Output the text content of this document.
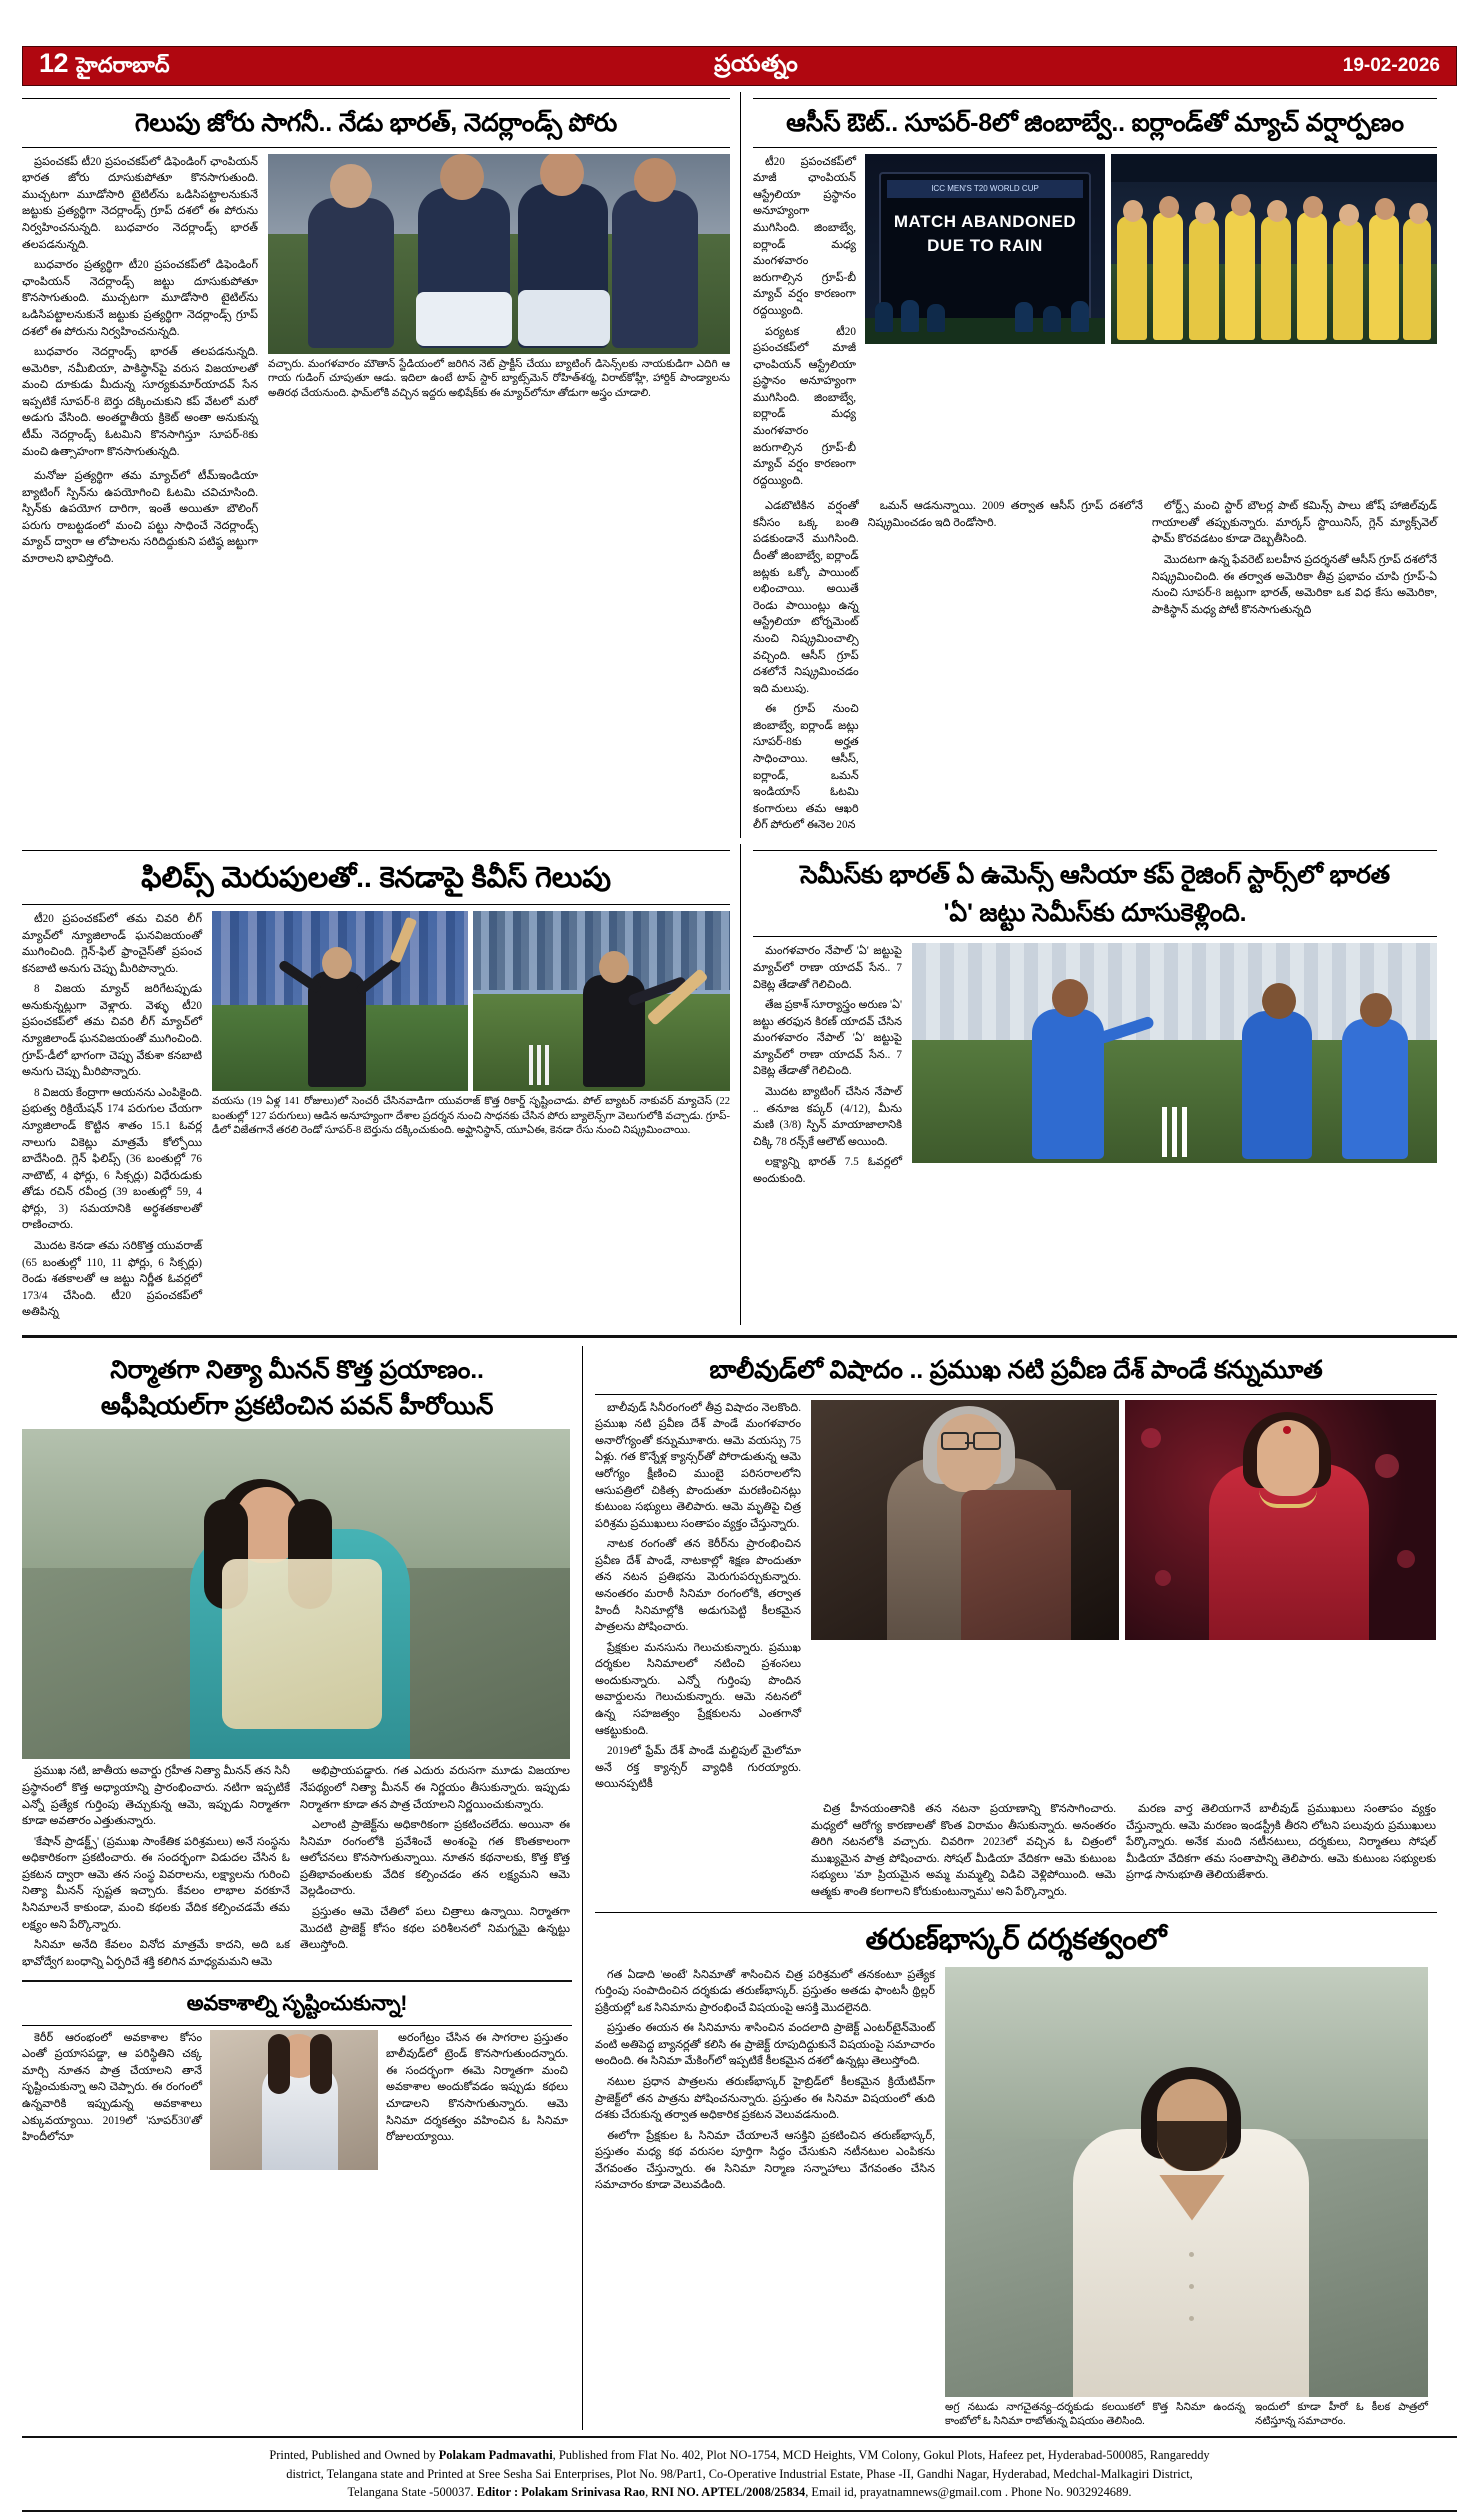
12 హైదరాబాద్	ప్రయత్నం	19-02-2026
గెలుపు జోరు సాగనీ.. నేడు భారత్, నెదర్లాండ్స్ పోరు

ప్రపంచకప్ టీ20 ప్రపంచకప్‌లో డిఫెండింగ్ ఛాంపియన్ భారత జోరు దూసుకుపోతూ కొనసాగుతుంది. ముచ్చటగా మూడోసారి టైటిల్‌ను ఒడిసిపట్టాలనుకునే జట్టుకు ప్రత్యర్థిగా నెదర్లాండ్స్ గ్రూప్ దశలో ఈ పోరును నిర్వహించనున్నది. బుధవారం నెదర్లాండ్స్ భారత్ తలపడనున్నది.

బుధవారం ప్రత్యర్థిగా టీ20 ప్రపంచకప్‌లో డిఫెండింగ్ ఛాంపియన్ నెదర్లాండ్స్ జట్టు దూసుకుపోతూ కొనసాగుతుంది. ముచ్చటగా మూడోసారి టైటిల్‌ను ఒడిసిపట్టాలనుకునే జట్టుకు ప్రత్యర్థిగా నెదర్లాండ్స్ గ్రూప్ దశలో ఈ పోరును నిర్వహించనున్నది.

బుధవారం నెదర్లాండ్స్ భారత్ తలపడనున్నది. అమెరికా, నమీబియా, పాకిస్థాన్‌పై వరుస విజయాలతో మంచి దూకుడు మీదున్న సూర్యకుమార్‌యాదవ్ సేన ఇప్పటికే సూపర్-8 బెర్తు దక్కించుకుని కప్ వేటలో మరో అడుగు వేసింది. అంతర్జాతీయ క్రికెట్ అంతా అనుకున్న టీమ్ నెదర్లాండ్స్ ఓటమిని కొనసాగిస్తూ సూపర్-8కు మంచి ఉత్సాహంగా కొనసాగుతున్నది.

వచ్చారు. మంగళవారం మౌతాన్ స్టేడియంలో జరిగిన నెట్ ప్రాక్టీస్ చేయు బ్యాటింగ్ డిసెన్స్‌లకు నాయకుడిగా ఎదిగి ఆ గాయ గుడింగ్ చూపుతూ ఆడు. ఇదిలా ఉంటే టాప్ స్టార్ బ్యాట్స్‌మెన్ రోహిత్‌శర్మ, విరాట్‌కోహ్లీ, హార్దిక్ పాండ్యాలను అతిరథ చేయనుంది. ఫామ్‌లోకి వచ్చిన ఇద్దరు అభిషేక్‌కు ఈ మ్యాచ్‌లోనూ తోడుగా అస్త్రం చూడాలి.

మనోజు ప్రత్యర్థిగా తమ మ్యాచ్‌లో టీమ్‌ఇండియా బ్యాటింగ్ స్పిన్‌ను ఉపయోగించి ఓటమి చవిచూసింది. స్పిన్‌కు ఉపయోగ దారిగా, ఇంతే అయితూ బౌలింగ్ పరుగు రాబట్టడంలో మంచి పట్టు సాధించే నెదర్లాండ్స్ మ్యాచ్ ద్వారా ఆ లోపాలను సరిదిద్దుకుని పటిష్ఠ జట్టుగా మారాలని భావిస్తోంది.

ఆసీస్ ఔట్.. సూపర్-8లో జింబాబ్వే.. ఐర్లాండ్‌తో మ్యాచ్ వర్షార్పణం

టీ20 ప్రపంచకప్‌లో మాజీ ఛాంపియన్ ఆస్ట్రేలియా ప్రస్థానం అనూహ్యంగా ముగిసింది. జింబాబ్వే, ఐర్లాండ్ మధ్య మంగళవారం జరుగాల్సిన గ్రూప్-బీ మ్యాచ్ వర్షం కారణంగా రద్దయ్యింది.

పర్యటక టీ20 ప్రపంచకప్‌లో మాజీ ఛాంపియన్ ఆస్ట్రేలియా ప్రస్థానం అనూహ్యంగా ముగిసింది. జింబాబ్వే, ఐర్లాండ్ మధ్య మంగళవారం జరుగాల్సిన గ్రూప్-బీ మ్యాచ్ వర్షం కారణంగా రద్దయ్యింది.

ICC MEN'S T20 WORLD CUP
MATCH ABANDONED
DUE TO RAIN

ఎడబొటికిన వర్షంతో కనీసం ఒక్క బంతి పడకుండానే ముగిసింది. దీంతో జింబాబ్వే, ఐర్లాండ్ జట్లకు ఒక్కో పాయింట్ లభించాయి. అయితే రెండు పాయింట్లు ఉన్న ఆస్ట్రేలియా టోర్నమెంట్ నుంచి నిష్క్రమించాల్సి వచ్చింది. ఆసీస్ గ్రూప్ దశలోనే నిష్క్రమించడం ఇది మలుపు.

ఈ గ్రూప్ నుంచి జింబాబ్వే, ఐర్లాండ్ జట్లు సూపర్-8కు అర్హత సాధించాయి. ఆసీస్, ఐర్లాండ్, ఒమన్ ఇండియాస్ ఓటమి కంగారులు తమ ఆఖరి లీగ్ పోరులో ఈనెల 20న

ఒమన్ ఆడనున్నాయి. 2009 తర్వాత ఆసీస్ గ్రూప్ దశలోనే నిష్క్రమించడం ఇది రెండోసారి.

లోర్డ్స్ మంచి స్టార్ బౌలర్ల పాట్ కమిన్స్ పాలు జోష్ హాజిల్‌వుడ్ గాయాలతో తప్పుకున్నారు. మార్కస్ స్టొయినిస్, గ్లెన్ మ్యాక్స్‌వెల్ ఫామ్ కొరవడటం కూడా దెబ్బతీసింది.

మొదటగా ఉన్న ఫేవరెట్ బలహీన ప్రదర్శనతో ఆసీస్ గ్రూప్ దశలోనే నిష్క్రమించింది. ఈ తర్వాత అమెరికా తీవ్ర ప్రభావం చూపి గ్రూప్‌-ఏ నుంచి సూపర్-8 జట్లుగా భారత్, అమెరికా ఒక విధ కేసు అమెరికా, పాకిస్థాన్ మధ్య పోటీ కొనసాగుతున్నది

ఫిలిప్స్ మెరుపులతో.. కెనడాపై కివీస్ గెలుపు

టీ20 ప్రపంచకప్‌లో తమ చివరి లీగ్ మ్యాచ్‌లో న్యూజిలాండ్ ఘనవిజయంతో ముగించింది. గ్లెన్-ఫిల్ ఫ్రాంచైస్‌తో ప్రపంచ కనబాటి అనుగు చెప్పు మీరిపొన్నారు.

8 విజయ మ్యాచ్ జరిగేటప్పుడు అనుకున్నట్లుగా వెళ్లారు. వెళ్ళు టీ20 ప్రపంచకప్‌లో తమ చివరి లీగ్ మ్యాచ్‌లో న్యూజిలాండ్ ఘనవిజయంతో ముగించింది. గ్రూప్-డీలో భాగంగా చెప్పు వేకుశా కనబాటి అనుగు చెప్పు మీరిపొన్నారు.

8 విజయ కేంద్రాగా ఆయనను ఎంపికైంది. ప్రభుత్వ రిక్రియేషన్ 174 పరుగుల చేయగా న్యూజిలాండ్ కొట్టిన శాతం 15.1 ఓవర్ల నాలుగు వికెట్లు మాత్రమే కోల్పోయి బాదేసింది. గ్లెన్ ఫిలిప్స్ (36 బంతుల్లో 76 నాటౌట్, 4 ఫోర్లు, 6 సిక్సర్లు) విధేరుడుకు తోడు రచిన్ రవీంద్ర (39 బంతుల్లో 59, 4 ఫోర్లు, 3) సమయానికి అర్థశతకాలతో రాణించారు.

మొదట కెనడా తమ సరికొత్త యువరాజ్ (65 బంతుల్లో 110, 11 ఫోర్లు, 6 సిక్సర్లు) రెండు శతకాలతో ఆ జట్టు నిర్ణీత ఓవర్లలో 173/4 చేసింది. టీ20 ప్రపంచకప్‌లో అతిపిన్న

వయసు (19 ఏళ్ల 141 రోజులు)లో సెంచరీ చేసినవాడిగా యువరాజ్ కొత్త రికార్డ్ సృష్టించాడు. పోల్ బ్యాటర్ నాకువర్ మ్యాచెస్ (22 బంతుల్లో 127 పరుగులు) ఆడిన అనూహ్యంగా దేశాల ప్రదర్శన నుంచి సాధనకు చేసిన పోరు బ్యాలెన్స్‌గా వెలుగులోకి వచ్చాడు. గ్రూప్-డీలో విజేతగానే తరలి రెండో సూపర్-8 బెర్తును దక్కించుకుంది. అఫ్ఘానిస్థాన్, యూఏఈ, కెనడా రేసు నుంచి నిష్క్రమించాయి.
సెమీస్‌కు భారత్ ఏ ఉమెన్స్ ఆసియా కప్ రైజింగ్ స్టార్స్‌లో భారత
'ఏ' జట్టు సెమీస్‌కు దూసుకెళ్లింది.

మంగళవారం నేపాల్ 'ఏ' జట్టుపై మ్యాచ్‌లో రాణా యాదవ్ సేన.. 7 వికెట్ల తేడాతో గెలిచింది.

తేజ ప్రకాశ్ సూర్యాస్త్రం అరుణ 'ఏ' జట్టు తరఫున కిరణ్ యాదవ్ చేసిన మంగళవారం నేపాల్ 'ఏ' జట్టుపై మ్యాచ్‌లో రాణా యాదవ్ సేన.. 7 వికెట్ల తేడాతో గెలిచింది.

మొదట బ్యాటింగ్ చేసిన నేపాల్ .. తనూజ కప్కర్ (4/12), మీను మణి (3/8) స్పిన్ మాయాజాలానికి చిక్కి 78 రన్స్‌కే ఆలౌట్ అయింది.

లక్ష్యాన్ని భారత్ 7.5 ఓవర్లలో అందుకుంది.

నిర్మాతగా నిత్యా మీనన్ కొత్త ప్రయాణం..
అఫీషియల్‌గా ప్రకటించిన పవన్ హీరోయిన్

ప్రముఖ నటి, జాతీయ అవార్డు గ్రహీత నిత్యా మీనన్ తన సినీ ప్రస్థానంలో కొత్త అధ్యాయాన్ని ప్రారంభించారు. నటిగా ఇప్పటికే ఎన్నో ప్రత్యేక గుర్తింపు తెచ్చుకున్న ఆమె, ఇప్పుడు నిర్మాతగా కూడా అవతారం ఎత్తుతున్నారు.

'కేషాన్ ప్రాడక్ట్స్' (ప్రముఖ సాంకేతిక పరిశ్రమలు) అనే సంస్థను అధికారికంగా ప్రకటించారు. ఈ సందర్భంగా విడుదల చేసిన ఓ ప్రకటన ద్వారా ఆమె తన సంస్థ వివరాలను, లక్ష్యాలను గురించి నిత్యా మీనన్ స్పష్టత ఇచ్చారు. కేవలం లాభాల వరకూనే సినిమాలనే కాకుండా, మంచి కథలకు వేదిక కల్పించడమే తమ లక్ష్యం అని పేర్కొన్నారు.

సినిమా అనేది కేవలం వినోద మాత్రమే కాదని, అది ఒక భావోద్వేగ బంధాన్ని ఏర్పరిచే శక్తి కలిగిన మాధ్యమమని ఆమె

అభిప్రాయపడ్డారు. గత ఎదురు వరుసగా మూడు విజయాల నేపథ్యంలో నిత్యా మీనన్ ఈ నిర్ణయం తీసుకున్నారు. ఇప్పుడు నిర్మాతగా కూడా తన పాత్ర చేయాలని నిర్ణయించుకున్నారు.

ఎలాంటి ప్రాజెక్ట్‌ను అధికారికంగా ప్రకటించలేదు. అయినా ఈ సినిమా రంగంలోకి ప్రవేశించే అంశంపై గత కొంతకాలంగా ఆలోచనలు కొనసాగుతున్నాయి. నూతన కథనాలకు, కొత్త కొత్త ప్రతిభావంతులకు వేదిక కల్పించడం తన లక్ష్యమని ఆమె వెల్లడించారు.

ప్రస్తుతం ఆమె చేతిలో పలు చిత్రాలు ఉన్నాయి. నిర్మాతగా మొదటి ప్రాజెక్ట్ కోసం కథల పరిశీలనలో నిమగ్నమై ఉన్నట్టు తెలుస్తోంది.

అవకాశాల్ని సృష్టించుకున్నా!

కెరీర్ ఆరంభంలో అవకాశాల కోసం ఎంతో ప్రయాసపడ్డా, ఆ పరిస్థితిని చక్క మార్చి నూతన పాత్ర చేయాలని తానే సృష్టించుకున్నా అని చెప్పారు. ఈ రంగంలో ఉన్నవారికి ఇప్పుడున్న అవకాశాలు ఎక్కువయ్యాయి. 2019లో 'సూపర్30'తో హిందీలోనూ

అరంగేట్రం చేసిన ఈ సాగరాల ప్రస్తుతం బాలీవుడ్‌లో ట్రెండ్ కొనసాగుతుందన్నారు. ఈ సందర్భంగా ఈమె నిర్మాతగా మంచి అవకాశాల అందుకోవడం ఇప్పుడు కథలు చూడాలని కొనసాగుతున్నారు. ఆమె సినిమా దర్శకత్వం వహించిన ఓ సినిమా రోజులయ్యాయి.

బాలీవుడ్‌లో విషాదం .. ప్రముఖ నటి ప్రవీణ దేశ్ పాండే కన్నుమూత

బాలీవుడ్ సినీరంగంలో తీవ్ర విషాదం నెలకొంది. ప్రముఖ నటి ప్రవీణ దేశ్ పాండే మంగళవారం అనారోగ్యంతో కన్నుమూశారు. ఆమె వయస్సు 75 ఏళ్లు. గత కొన్నేళ్ల క్యాన్సర్‌తో పోరాడుతున్న ఆమె ఆరోగ్యం క్షీణించి ముంబై పరిసరాలలోని ఆసుపత్రిలో చికిత్స పొందుతూ మరణించినట్లు కుటుంబ సభ్యులు తెలిపారు. ఆమె మృతిపై చిత్ర పరిశ్రమ ప్రముఖులు సంతాపం వ్యక్తం చేస్తున్నారు.

నాటక రంగంతో తన కెరీర్‌ను ప్రారంభించిన ప్రవీణ దేశ్ పాండే, నాటకాల్లో శిక్షణ పొందుతూ తన నటన ప్రతిభను మెరుగుపర్చుకున్నారు. అనంతరం మరాఠీ సినిమా రంగంలోకి, తర్వాత హిందీ సినిమాల్లోకి అడుగుపెట్టి కీలకమైన పాత్రలను పోషించారు.

ప్రేక్షకుల మనసును గెలుచుకున్నారు. ప్రముఖ దర్శకుల సినిమాలలో నటించి ప్రశంసలు అందుకున్నారు. ఎన్నో గుర్తింపు పొందిన అవార్డులను గెలుచుకున్నారు. ఆమె నటనలో ఉన్న సహజత్వం ప్రేక్షకులను ఎంతగానో ఆకట్టుకుంది.

2019లో ఫ్రేమ్ దేశ్ పాండే మల్టిపుల్ మైలోమా అనే రక్త క్యాన్సర్ వ్యాధికి గురయ్యారు. అయినప్పటికీ

చిత్ర హీనయంతానికి తన నటనా ప్రయాణాన్ని కొనసాగించారు. మధ్యలో ఆరోగ్య కారణాలతో కొంత విరామం తీసుకున్నారు. అనంతరం తిరిగి నటనలోకి వచ్చారు. చివరిగా 2023లో వచ్చిన ఓ చిత్రంలో ముఖ్యమైన పాత్ర పోషించారు. సోషల్ మీడియా వేదికగా ఆమె కుటుంబ సభ్యులు 'మా ప్రియమైన అమ్మ మమ్మల్ని విడిచి వెళ్లిపోయింది. ఆమె ఆత్మకు శాంతి కలగాలని కోరుకుంటున్నాము' అని పేర్కొన్నారు.

మరణ వార్త తెలియగానే బాలీవుడ్ ప్రముఖులు సంతాపం వ్యక్తం చేస్తున్నారు. ఆమె మరణం ఇండస్ట్రీకి తీరని లోటని పలువురు ప్రముఖులు పేర్కొన్నారు. అనేక మంది నటీనటులు, దర్శకులు, నిర్మాతలు సోషల్ మీడియా వేదికగా తమ సంతాపాన్ని తెలిపారు. ఆమె కుటుంబ సభ్యులకు ప్రగాఢ సానుభూతి తెలియజేశారు.

తరుణ్‌భాస్కర్ దర్శకత్వంలో

గత ఏడాది 'అంటే' సినిమాతో శాసించిన చిత్ర పరిశ్రమలో తనకంటూ ప్రత్యేక గుర్తింపు సంపాదించిన దర్శకుడు తరుణ్‌భాస్కర్. ప్రస్తుతం అతడు ఫాంటసీ థ్రిల్లర్ ప్రక్రియల్లో ఒక సినిమాను ప్రారంభించే విషయంపై ఆసక్తి మొదలైనది.

ప్రస్తుతం ఈయన ఈ సినిమాను శాసించిన వందలాది ప్రాజెక్ట్ ఎంటర్‌టైన్‌మెంట్ వంటి అతిపెద్ద బ్యానర్లతో కలిసి ఈ ప్రాజెక్ట్ రూపుదిద్దుకునే విషయంపై సమాచారం అందింది. ఈ సినిమా మేకింగ్‌లో ఇప్పటికే కీలకమైన దశలో ఉన్నట్లు తెలుస్తోంది.

నటుల ప్రధాన పాత్రలను తరుణ్‌భాస్కర్ హైబ్రిడ్‌లో కీలకమైన క్రియేటివ్‌గా ప్రాజెక్ట్‌లో తన పాత్రను పోషించనున్నారు. ప్రస్తుతం ఈ సినిమా విషయంలో తుది దశకు చేరుకున్న తర్వాత అధికారిక ప్రకటన వెలువడనుంది.

ఈలోగా ప్రేక్షకుల ఓ సినిమా చేయాలనే ఆసక్తిని ప్రకటించిన తరుణ్‌భాస్కర్, ప్రస్తుతం మధ్య కథ వరుసల పూర్తిగా సిద్ధం చేసుకుని నటీనటుల ఎంపికను వేగవంతం చేస్తున్నారు. ఈ సినిమా నిర్మాణ సన్నాహాలు వేగవంతం చేసిన సమాచారం కూడా వెలువడింది.

అగ్ర నటుడు నాగచైతన్య–దర్శకుడు కలయికలో కొత్త సినిమా ఉందన్న కాంబోలో ఓ సినిమా రాబోతున్న విషయం తెలిసింది.
ఇందులో కూడా హీరో ఓ కీలక పాత్రలో నటిస్తూన్న సమాచారం.
Printed, Published and Owned by Polakam Padmavathi, Published from Flat No. 402, Plot NO-1754, MCD Heights, VM Colony, Gokul Plots, Hafeez pet, Hyderabad-500085, Rangareddy
district, Telangana state and Printed at Sree Sesha Sai Enterprises, Plot No. 98/Part1, Co-Operative Industrial Estate, Phase -II, Gandhi Nagar, Hyderabad, Medchal-Malkagiri District,
Telangana State -500037. Editor : Polakam Srinivasa Rao, RNI NO. APTEL/2008/25834, Email id, prayatnamnews@gmail.com . Phone No. 9032924689.
